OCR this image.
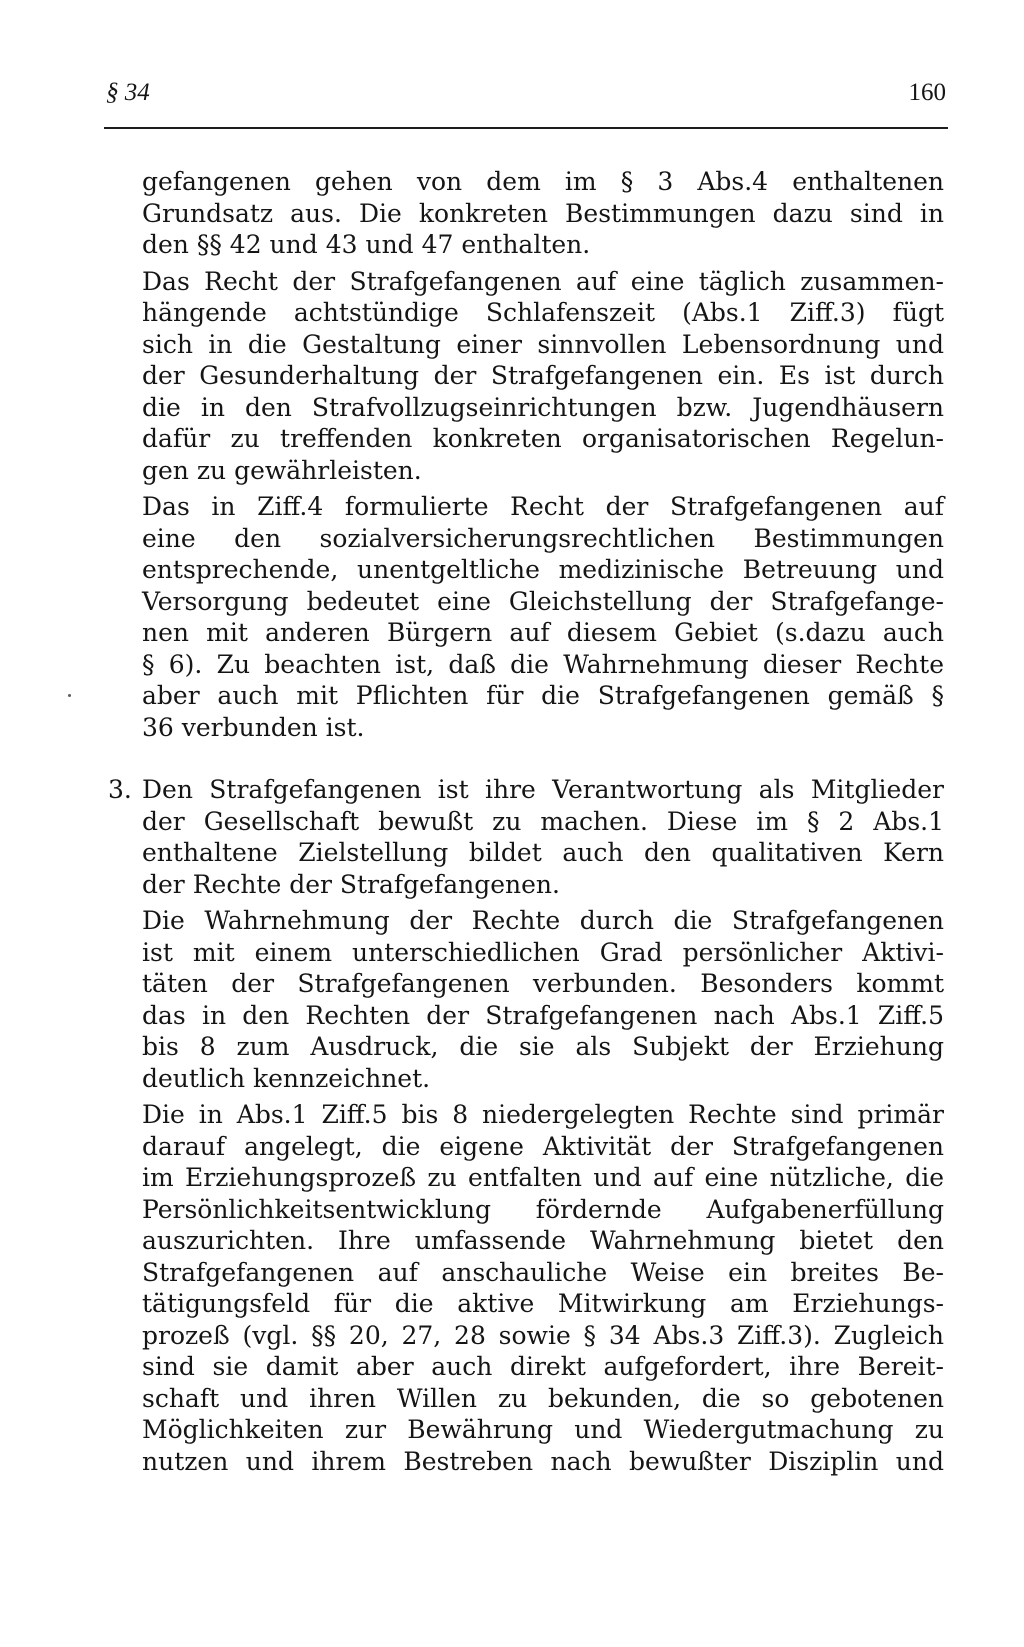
§ 34	160
gefangenen gehen von dem im § 3 Abs.4 enthaltenen
Grundsatz aus. Die konkreten Bestimmungen dazu sind in
den §§ 42 und 43 und 47 enthalten.
Das Recht der Strafgefangenen auf eine täglich zusammen-
hängende achtstündige Schlafenszeit (Abs.1 Ziff.3) fügt
sich in die Gestaltung einer sinnvollen Lebensordnung und
der Gesunderhaltung der Strafgefangenen ein. Es ist durch
die in den Strafvollzugseinrichtungen bzw. Jugendhäusern
dafür zu treffenden konkreten organisatorischen Regelun-
gen zu gewährleisten.
Das in Ziff.4 formulierte Recht der Strafgefangenen auf
eine den sozialversicherungsrechtlichen Bestimmungen
entsprechende, unentgeltliche medizinische Betreuung und
Versorgung bedeutet eine Gleichstellung der Strafgefange-
nen mit anderen Bürgern auf diesem Gebiet (s.dazu auch
§ 6). Zu beachten ist, daß die Wahrnehmung dieser Rechte
aber auch mit Pflichten für die Strafgefangenen gemäß §
36 verbunden ist.
3. Den Strafgefangenen ist ihre Verantwortung als Mitglieder
der Gesellschaft bewußt zu machen. Diese im § 2 Abs.1
enthaltene Zielstellung bildet auch den qualitativen Kern
der Rechte der Strafgefangenen.
Die Wahrnehmung der Rechte durch die Strafgefangenen
ist mit einem unterschiedlichen Grad persönlicher Aktivi-
täten der Strafgefangenen verbunden. Besonders kommt
das in den Rechten der Strafgefangenen nach Abs.1 Ziff.5
bis 8 zum Ausdruck, die sie als Subjekt der Erziehung
deutlich kennzeichnet.
Die in Abs.1 Ziff.5 bis 8 niedergelegten Rechte sind primär
darauf angelegt, die eigene Aktivität der Strafgefangenen
im Erziehungsprozeß zu entfalten und auf eine nützliche, die
Persönlichkeitsentwicklung fördernde Aufgabenerfüllung
auszurichten. Ihre umfassende Wahrnehmung bietet den
Strafgefangenen auf anschauliche Weise ein breites Be-
tätigungsfeld für die aktive Mitwirkung am Erziehungs-
prozeß (vgl. §§ 20, 27, 28 sowie § 34 Abs.3 Ziff.3). Zugleich
sind sie damit aber auch direkt aufgefordert, ihre Bereit-
schaft und ihren Willen zu bekunden, die so gebotenen
Möglichkeiten zur Bewährung und Wiedergutmachung zu
nutzen und ihrem Bestreben nach bewußter Disziplin und
